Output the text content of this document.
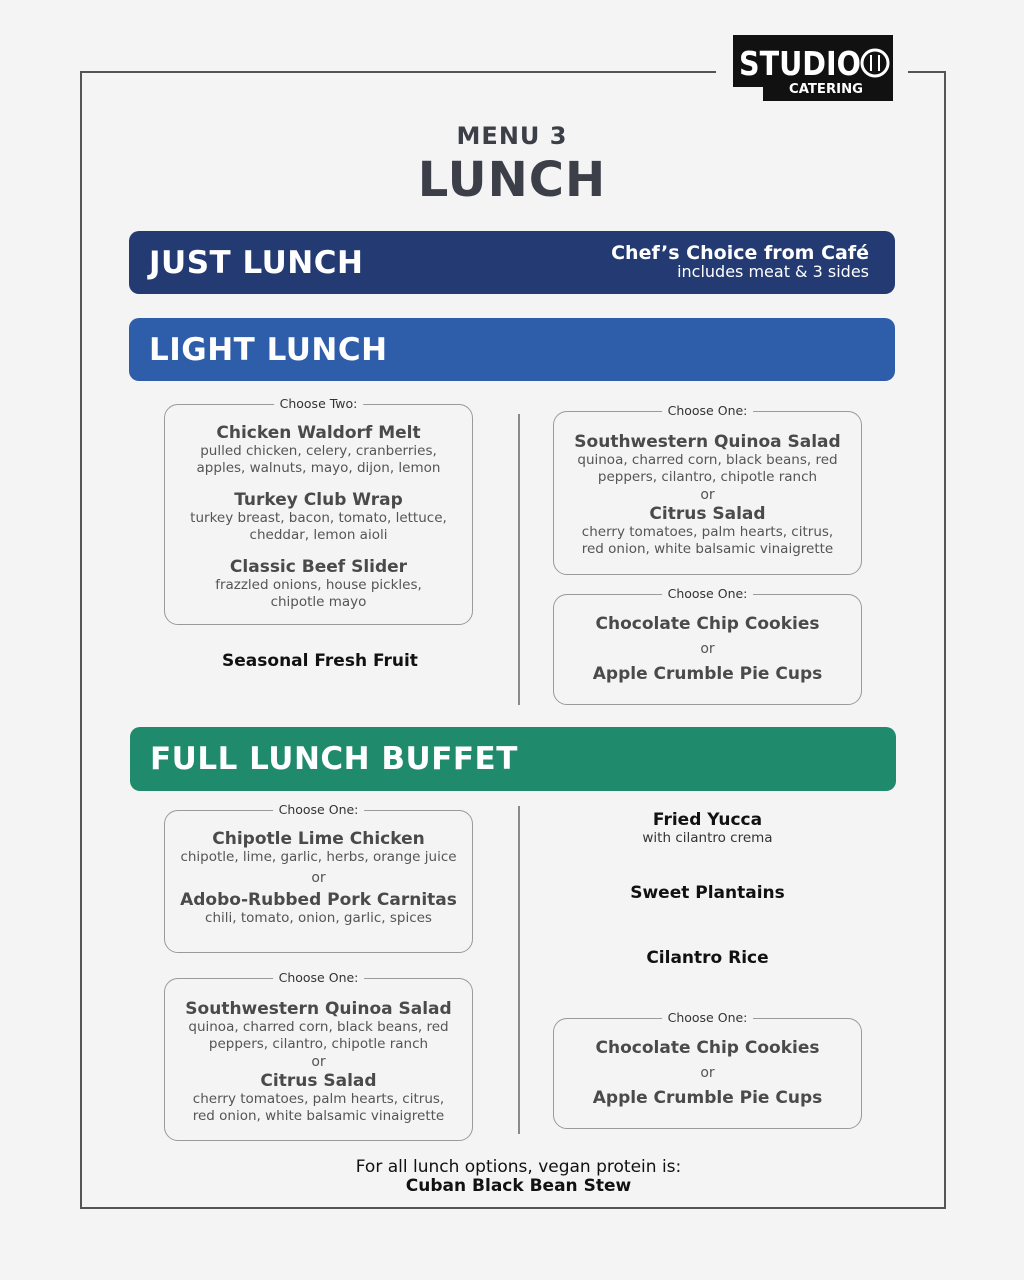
STUDIO
CATERING
MENU 3
LUNCH
JUST LUNCH	Chef’s Choice from Café
includes meat & 3 sides
LIGHT LUNCH
Choose Two:
Chicken Waldorf Melt
pulled chicken, celery, cranberries,
apples, walnuts, mayo, dijon, lemon
Turkey Club Wrap
turkey breast, bacon, tomato, lettuce,
cheddar, lemon aioli
Classic Beef Slider
frazzled onions, house pickles,
chipotle mayo
Seasonal Fresh Fruit
Choose One:
Southwestern Quinoa Salad
quinoa, charred corn, black beans, red
peppers, cilantro, chipotle ranch
or
Citrus Salad
cherry tomatoes, palm hearts, citrus,
red onion, white balsamic vinaigrette
Choose One:
Chocolate Chip Cookies
or
Apple Crumble Pie Cups
FULL LUNCH BUFFET
Choose One:
Chipotle Lime Chicken
chipotle, lime, garlic, herbs, orange juice
or
Adobo-Rubbed Pork Carnitas
chili, tomato, onion, garlic, spices
Choose One:
Southwestern Quinoa Salad
quinoa, charred corn, black beans, red
peppers, cilantro, chipotle ranch
or
Citrus Salad
cherry tomatoes, palm hearts, citrus,
red onion, white balsamic vinaigrette
Fried Yucca
with cilantro crema
Sweet Plantains
Cilantro Rice
Choose One:
Chocolate Chip Cookies
or
Apple Crumble Pie Cups
For all lunch options, vegan protein is:
Cuban Black Bean Stew
